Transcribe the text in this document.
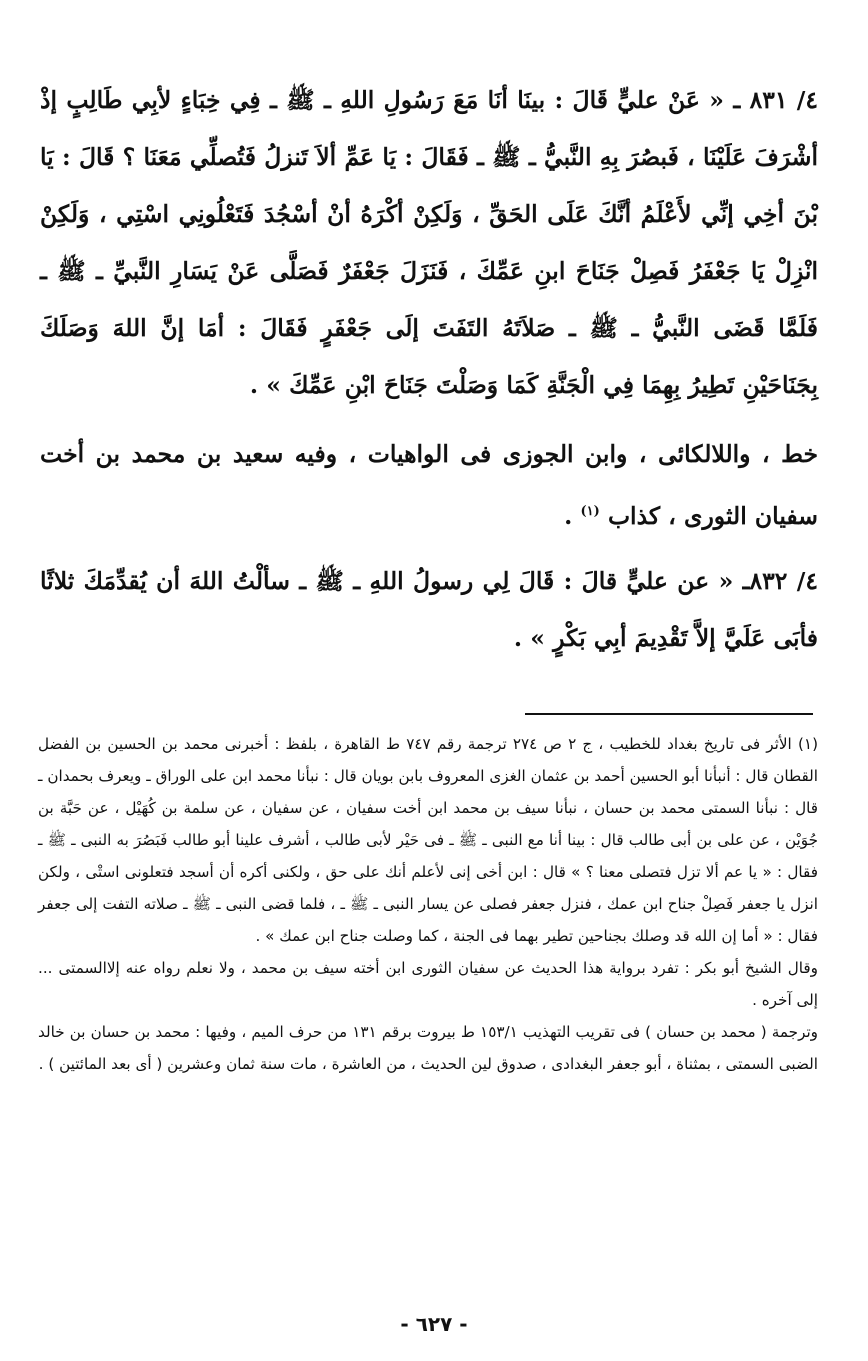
٤/ ٨٣١ ـ « عَنْ عليٍّ قَالَ : بينَا أنَا مَعَ رَسُولِ اللهِ ـ ﷺ ـ فِي خِبَاءٍ لأبِي طَالِبٍ إذْ أشْرَفَ عَلَيْنَا ، فَبصُرَ بِهِ النَّبيُّ ـ ﷺ ـ فَقَالَ : يَا عَمِّ ألاَ تَنزلُ فَتُصلِّي مَعَنَا ؟ قَالَ : يَا بْنَ أخِي إنِّي لأَعْلَمُ أنَّكَ عَلَى الحَقِّ ، وَلَكِنْ أكْرَهُ أنْ أسْجُدَ فَتَعْلُونِي اسْتِي ، وَلَكِنْ انْزِلْ يَا جَعْفَرُ فَصِلْ جَنَاحَ ابنِ عَمِّكَ ، فَنَزَلَ جَعْفَرٌ فَصَلَّى عَنْ يَسَارِ النَّبيِّ ـ ﷺ ـ فَلَمَّا قَضَى النَّبيُّ ـ ﷺ ـ صَلاَتَهُ التَفَتَ إلَى جَعْفَرٍ فَقَالَ : أمَا إنَّ اللهَ وَصَلَكَ بِجَنَاحَيْنِ تَطِيرُ بِهِمَا فِي الْجَنَّةِ كَمَا وَصَلْتَ جَنَاحَ ابْنِ عَمِّكَ » .

خط ، واللالكائى ، وابن الجوزى فى الواهيات ، وفيه سعيد بن محمد بن أخت سفيان الثورى ، كذاب $^{(١)}$ .

٤/ ٨٣٢ـ « عن عليٍّ قالَ : قَالَ لِي رسولُ اللهِ ـ ﷺ ـ سألْتُ اللهَ أن يُقدِّمَكَ ثلاثًا فأبَى عَلَيَّ إلاَّ تَقْدِيمَ أبِي بَكْرٍ » .

(١) الأثر فى تاريخ بغداد للخطيب ، ج ٢ ص ٢٧٤ ترجمة رقم ٧٤٧ ط القاهرة ، بلفظ : أخبرنى محمد بن الحسين بن الفضل القطان قال : أنبأنا أبو الحسين أحمد بن عثمان الغزى المعروف بابن بويان قال : نبأنا محمد ابن على الوراق ـ ويعرف بحمدان ـ قال : نبأنا السمتى محمد بن حسان ، نبأنا سيف بن محمد ابن أخت سفيان ، عن سفيان ، عن سلمة بن كُهَيْل ، عن حَبَّة بن جُوَيْن ، عن على بن أبى طالب قال : بينا أنا مع النبى ـ ﷺ ـ فى حَيْر لأبى طالب ، أشرف علينا أبو طالب فَبَصُرَ به النبى ـ ﷺ ـ فقال : « يا عم ألا تزل فتصلى معنا ؟ » قال : ابن أخى إنى لأعلم أنك على حق ، ولكنى أكره أن أسجد فتعلونى استْى ، ولكن انزل يا جعفر فَصِلْ جناح ابن عمك ، فنزل جعفر فصلى عن يسار النبى ـ ﷺ ـ ، فلما قضى النبى ـ ﷺ ـ صلاته التفت إلى جعفر فقال : « أما إن الله قد وصلك بجناحين تطير بهما فى الجنة ، كما وصلت جناح ابن عمك » .

وقال الشيخ أبو بكر : تفرد برواية هذا الحديث عن سفيان الثورى ابن أخته سيف بن محمد ، ولا نعلم رواه عنه إلاالسمتى ... إلى آخره .

وترجمة ( محمد بن حسان ) فى تقريب التهذيب ١٥٣/١ ط بيروت برقم ١٣١ من حرف الميم ، وفيها : محمد بن حسان بن خالد الضبى السمتى ، بمثناة ، أبو جعفر البغدادى ، صدوق لين الحديث ، من العاشرة ، مات سنة ثمان وعشرين ( أى بعد المائتين ) .

- ٦٢٧ -
